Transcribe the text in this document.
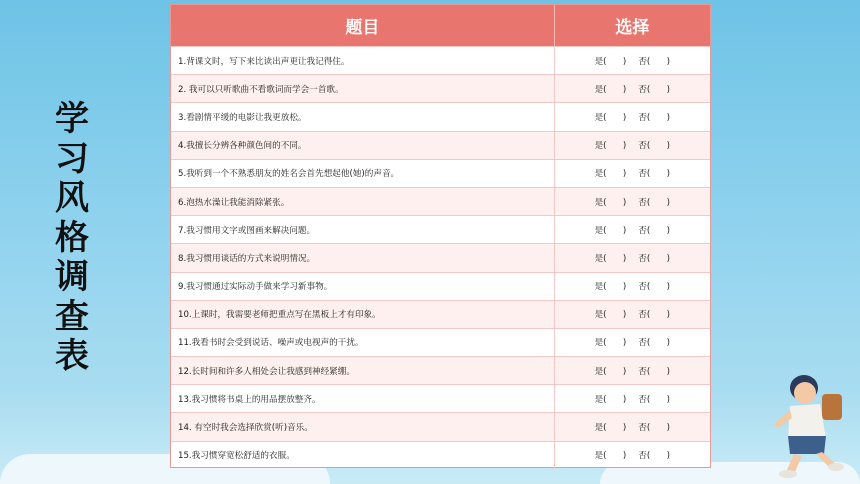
学
习
风
格
调
查
表
题目	选择
1.背课文时，写下来比读出声更让我记得住。	是(      ) 否(      )
2. 我可以只听歌曲不看歌词而学会一首歌。	是(      ) 否(      )
3.看剧情平缓的电影让我更放松。	是(      ) 否(      )
4.我擅长分辨各种颜色间的不同。	是(      ) 否(      )
5.我听到一个不熟悉朋友的姓名会首先想起他(她)的声音。	是(      ) 否(      )
6.泡热水澡让我能消除紧张。	是(      ) 否(      )
7.我习惯用文字或图画来解决问题。	是(      ) 否(      )
8.我习惯用谈话的方式来说明情况。	是(      ) 否(      )
9.我习惯通过实际动手做来学习新事物。	是(      ) 否(      )
10.上课时，我需要老师把重点写在黑板上才有印象。	是(      ) 否(      )
11.我看书时会受到说话、噪声或电视声的干扰。	是(      ) 否(      )
12.长时间和许多人相处会让我感到神经紧绷。	是(      ) 否(      )
13.我习惯将书桌上的用品摆放整齐。	是(      ) 否(      )
14. 有空时我会选择欣赏(听)音乐。	是(      ) 否(      )
15.我习惯穿宽松舒适的衣服。	是(      ) 否(      )
